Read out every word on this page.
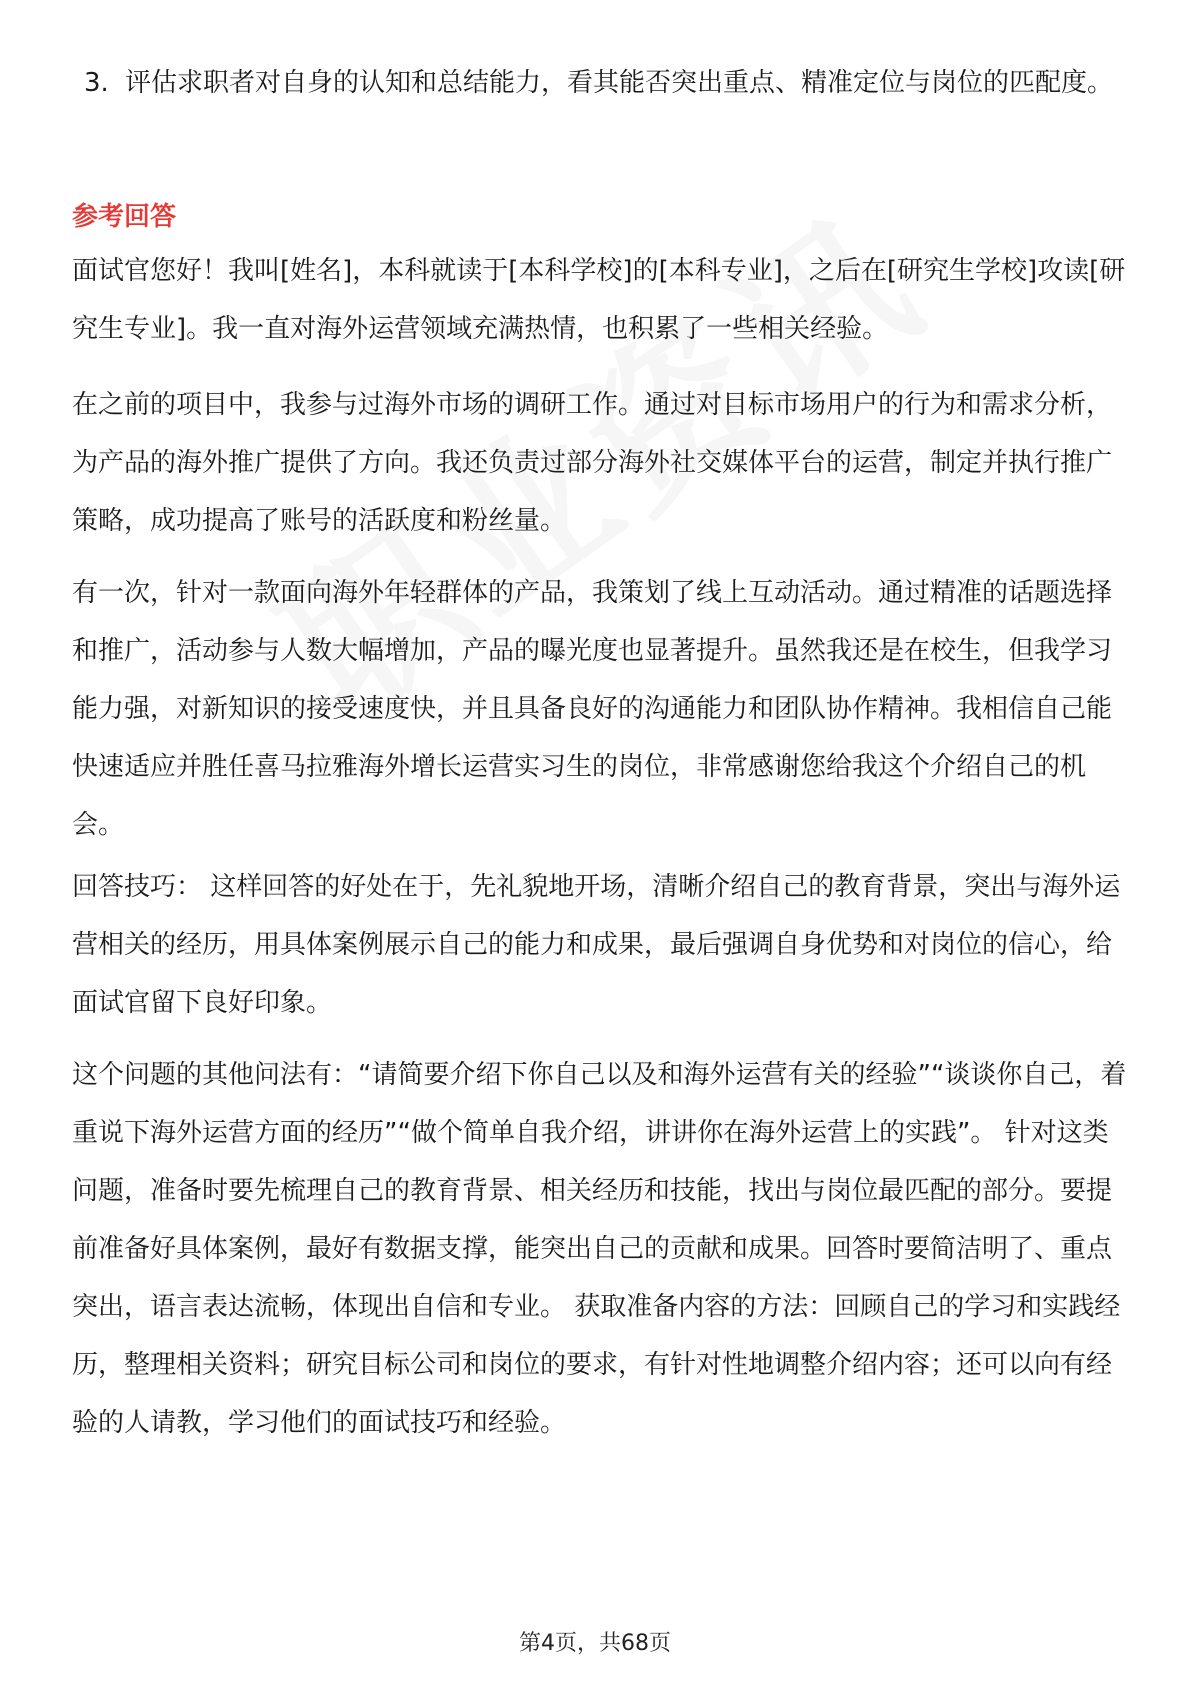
3. 评估求职者对自身的认知和总结能力，看其能否突出重点、精准定位与岗位的匹配度。
参考回答

面试官您好！我叫[姓名]，本科就读于[本科学校]的[本科专业]，之后在[研究生学校]攻读[研究生专业]。我一直对海外运营领域充满热情，也积累了一些相关经验。

在之前的项目中，我参与过海外市场的调研工作。通过对目标市场用户的行为和需求分析，为产品的海外推广提供了方向。我还负责过部分海外社交媒体平台的运营，制定并执行推广策略，成功提高了账号的活跃度和粉丝量。

有一次，针对一款面向海外年轻群体的产品，我策划了线上互动活动。通过精准的话题选择和推广，活动参与人数大幅增加，产品的曝光度也显著提升。虽然我还是在校生，但我学习能力强，对新知识的接受速度快，并且具备良好的沟通能力和团队协作精神。我相信自己能快速适应并胜任喜马拉雅海外增长运营实习生的岗位，非常感谢您给我这个介绍自己的机会。

回答技巧： 这样回答的好处在于，先礼貌地开场，清晰介绍自己的教育背景，突出与海外运营相关的经历，用具体案例展示自己的能力和成果，最后强调自身优势和对岗位的信心，给面试官留下良好印象。

这个问题的其他问法有：“请简要介绍下你自己以及和海外运营有关的经验”“谈谈你自己，着重说下海外运营方面的经历”“做个简单自我介绍，讲讲你在海外运营上的实践”。 针对这类问题，准备时要先梳理自己的教育背景、相关经历和技能，找出与岗位最匹配的部分。要提前准备好具体案例，最好有数据支撑，能突出自己的贡献和成果。回答时要简洁明了、重点突出，语言表达流畅，体现出自信和专业。 获取准备内容的方法：回顾自己的学习和实践经历，整理相关资料；研究目标公司和岗位的要求，有针对性地调整介绍内容；还可以向有经验的人请教，学习他们的面试技巧和经验。

第4页，共68页
